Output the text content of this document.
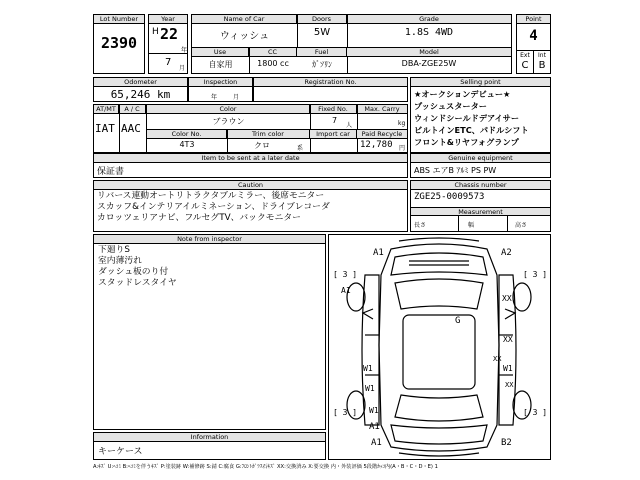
Lot Number
2390
Year
H 22
年
7
月
Name of Car	Doors	Grade
ウィッシュ	5W	1.8S 4WD
Use	CC	Fuel	Model
自家用	1800 cc	ｶﾞｿﾘﾝ	DBA-ZGE25W
Point
4
Ext	Int
C	B
Odometer
65,246 km
Inspection
年	月
Registration No.	Selling point
★オークションデビュー★
プッシュスターター
ウィンドシールドデアイサー
ビルトインETC、パドルシフト
フロント&リヤフォグランプ
AT/MT	A / C
IAT AAC
Color	Fixed No.	Max. Carry
ブラウン	7
人	kg
Color No.	Trim color	Import car	Paid Recycle
4T3	クロ	系	12,780 円
Item to be sent at a later date
保証書
Genuine equipment
ABS エアB ｱﾙﾐ PS PW
Caution
リバース連動オートリトラクタブルミラー、後席モニター
スカッフ&インテリアイルミネーション、ドライブレコーダ
カロッツェリアナビ、フルセグTV、バックモニター
Chassis number
ZGE25-0009573
Measurement
長さ	幅	高さ
Note from inspector
下廻りS
室内薄汚れ
ダッシュ板のり付
スタッドレスタイヤ
Information
キーケース
A1	A2
[ 3 ]	[ 3 ]
XX
A1
XX
G
W1	W1
W1
[ 3 ]	[ 3 ]
A1
A1	B2
XX
XX
W1
A:ｷｽﾞ U:ﾍｺﾐ B:ﾍｺﾐを伴うｷｽﾞ P:塗装跡 W:補修跡 S:錆 C:腐食 G:ﾌﾛﾝﾄｶﾞﾗｽ石ｷｽﾞ XX:交換済み X:要交換 内・外装評価 5段階ｶｯｺ内(A・B・C・D・E) 1
